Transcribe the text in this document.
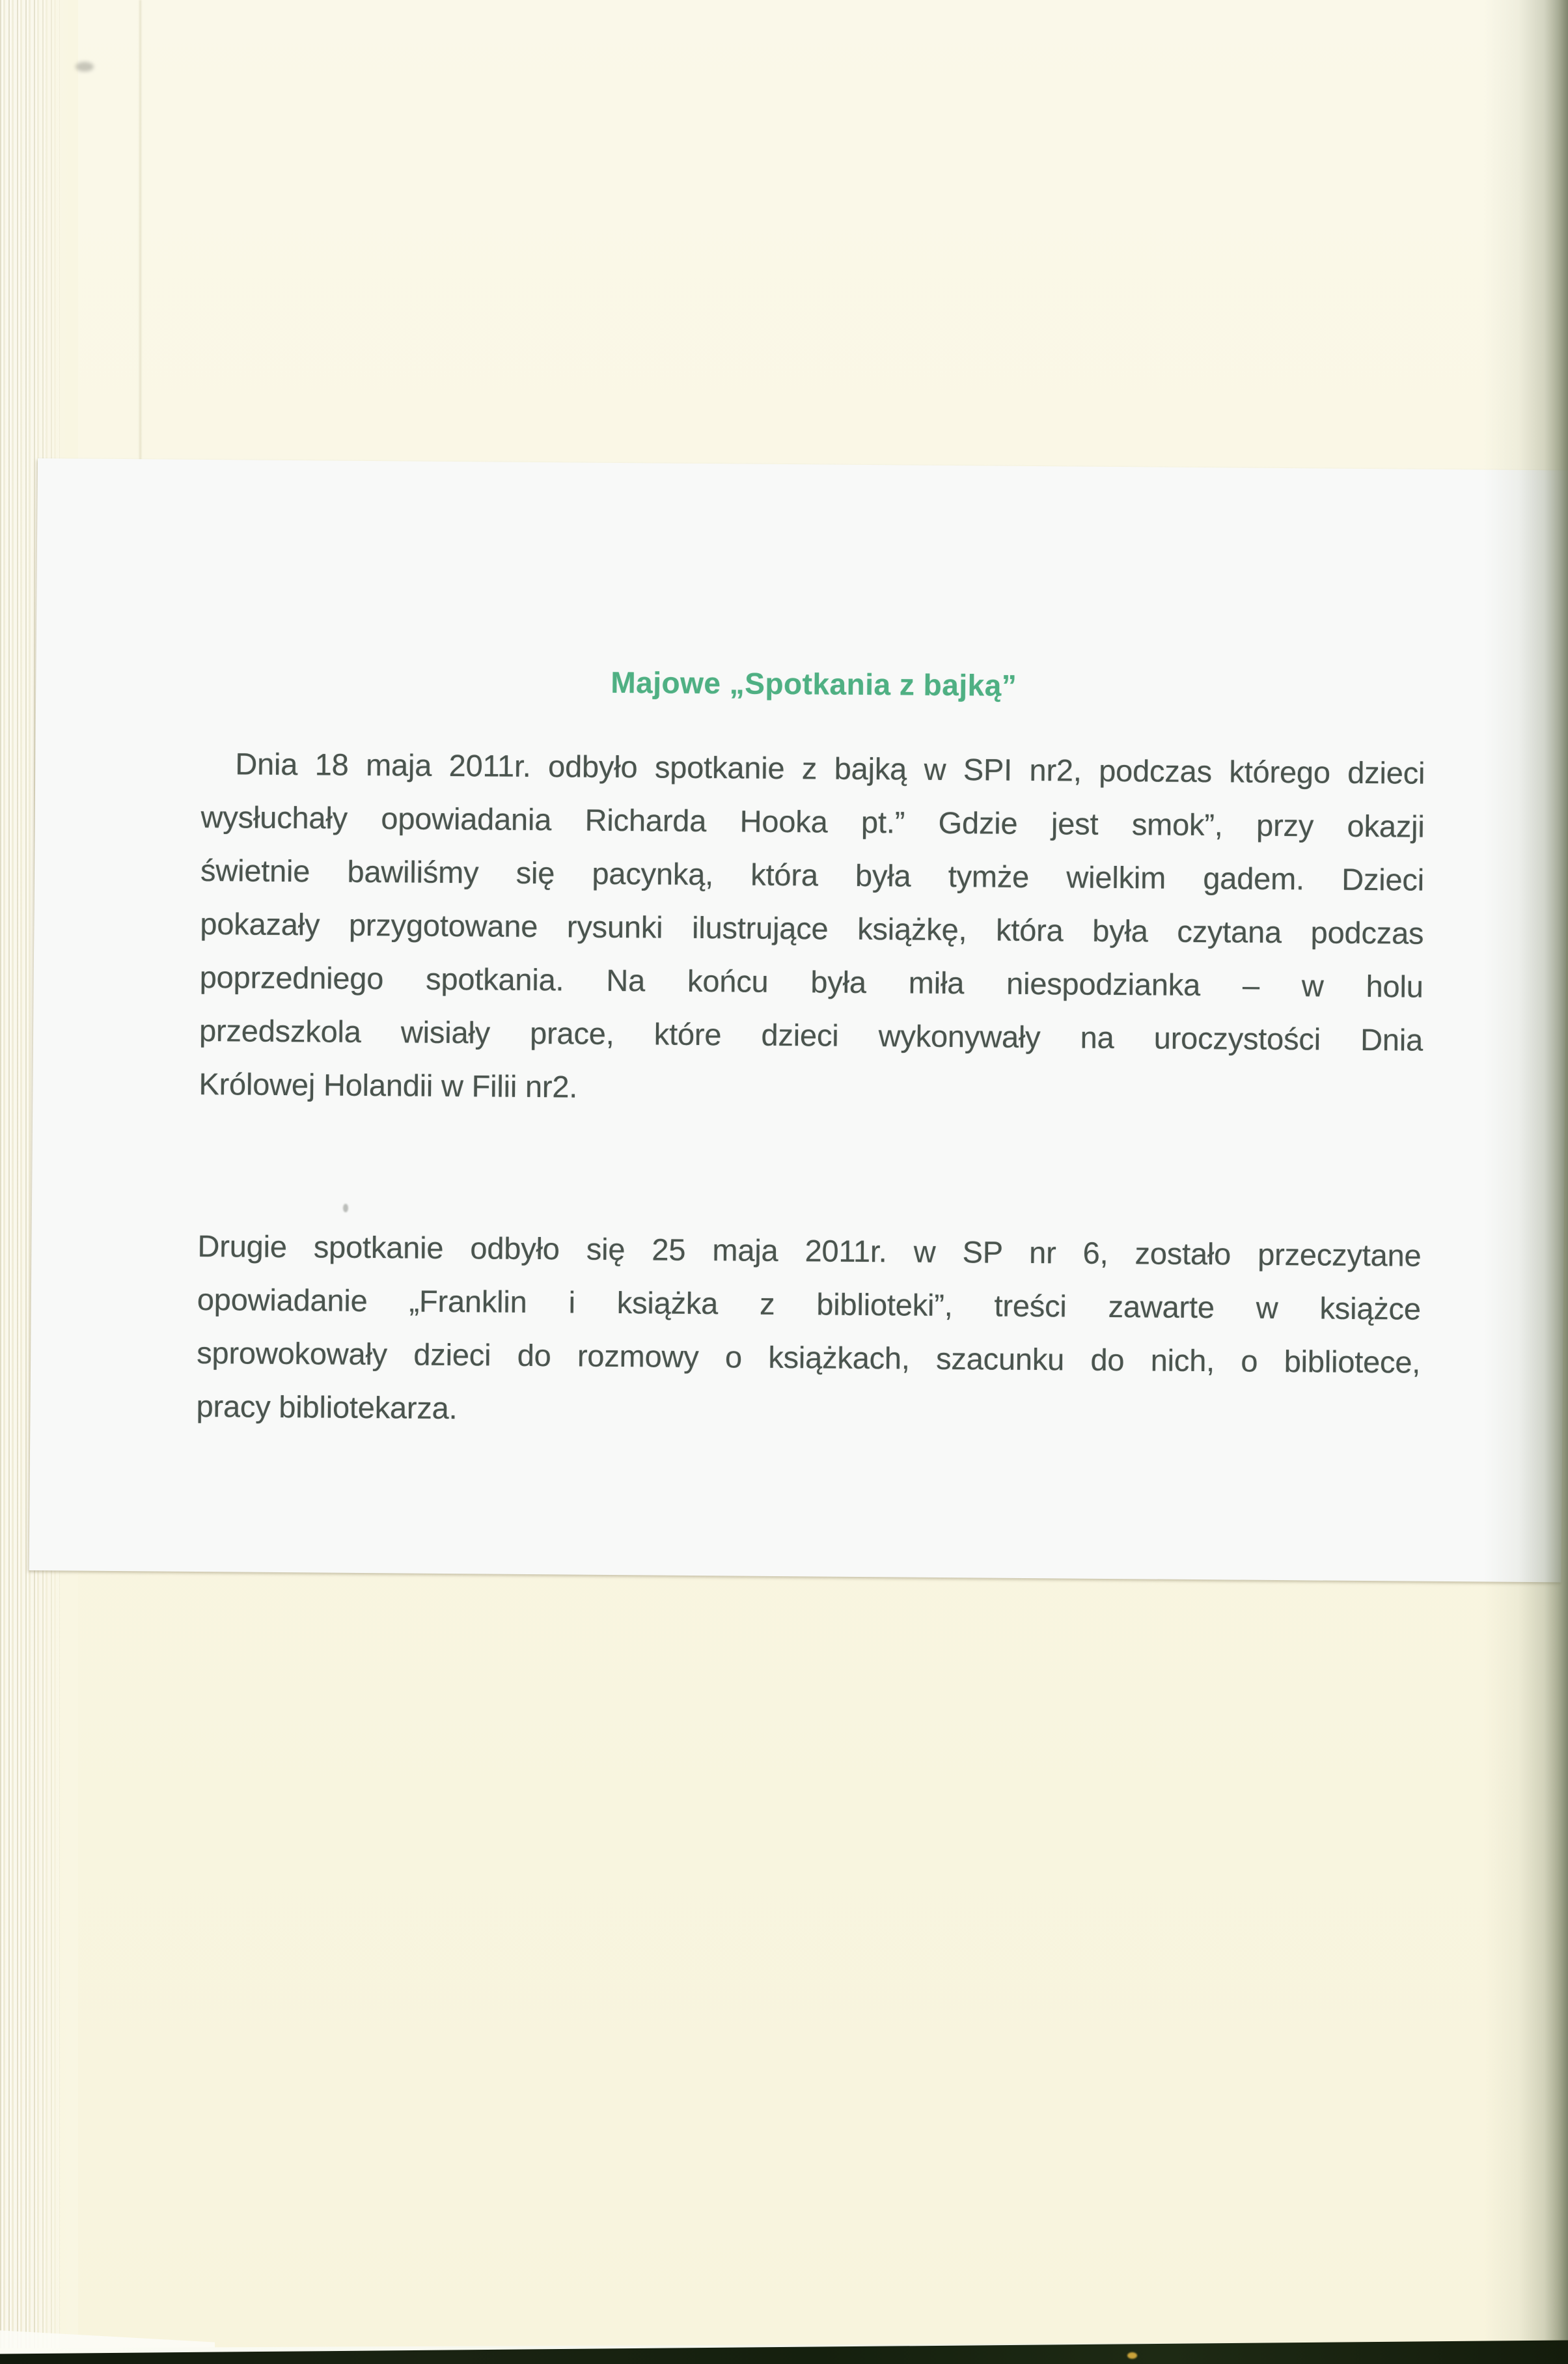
Majowe „Spotkania z bajką”
Dnia 18 maja 2011r. odbyło spotkanie z bajką w SPI nr2, podczas którego dzieci
wysłuchały opowiadania Richarda Hooka pt.” Gdzie jest smok”, przy okazji
świetnie bawiliśmy się pacynką, która była tymże wielkim gadem. Dzieci
pokazały przygotowane rysunki ilustrujące książkę, która była czytana podczas
poprzedniego spotkania. Na końcu była miła niespodzianka – w holu
przedszkola wisiały prace, które dzieci wykonywały na uroczystości Dnia
Królowej Holandii w Filii nr2.
Drugie spotkanie odbyło się 25 maja 2011r. w SP nr 6, zostało przeczytane
opowiadanie „Franklin i książka z biblioteki”, treści zawarte w książce
sprowokowały dzieci do rozmowy o książkach, szacunku do nich, o bibliotece,
pracy bibliotekarza.
